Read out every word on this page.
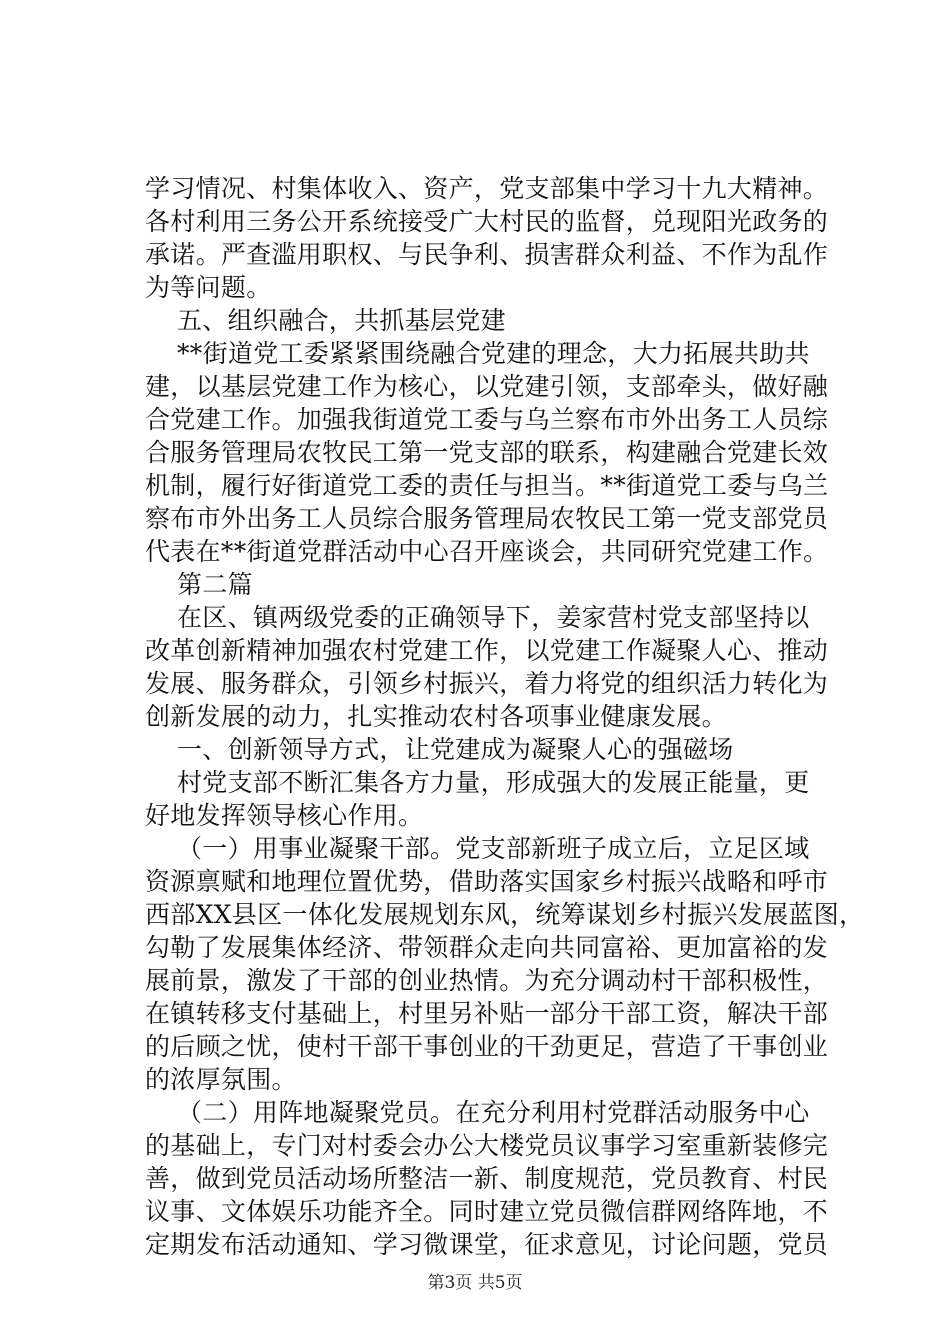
学习情况、村集体收入、资产，党支部集中学习十九大精神。
各村利用三务公开系统接受广大村民的监督，兑现阳光政务的
承诺。严查滥用职权、与民争利、损害群众利益、不作为乱作
为等问题。
五、组织融合，共抓基层党建
**街道党工委紧紧围绕融合党建的理念，大力拓展共助共
建，以基层党建工作为核心，以党建引领，支部牵头，做好融
合党建工作。加强我街道党工委与乌兰察布市外出务工人员综
合服务管理局农牧民工第一党支部的联系，构建融合党建长效
机制，履行好街道党工委的责任与担当。**街道党工委与乌兰
察布市外出务工人员综合服务管理局农牧民工第一党支部党员
代表在**街道党群活动中心召开座谈会，共同研究党建工作。
第二篇
在区、镇两级党委的正确领导下，姜家营村党支部坚持以
改革创新精神加强农村党建工作，以党建工作凝聚人心、推动
发展、服务群众，引领乡村振兴，着力将党的组织活力转化为
创新发展的动力，扎实推动农村各项事业健康发展。
一、创新领导方式，让党建成为凝聚人心的强磁场
村党支部不断汇集各方力量，形成强大的发展正能量，更
好地发挥领导核心作用。
（一）用事业凝聚干部。党支部新班子成立后，立足区域
资源禀赋和地理位置优势，借助落实国家乡村振兴战略和呼市
西部XX县区一体化发展规划东风，统筹谋划乡村振兴发展蓝图，
勾勒了发展集体经济、带领群众走向共同富裕、更加富裕的发
展前景，激发了干部的创业热情。为充分调动村干部积极性，
在镇转移支付基础上，村里另补贴一部分干部工资，解决干部
的后顾之忧，使村干部干事创业的干劲更足，营造了干事创业
的浓厚氛围。
（二）用阵地凝聚党员。在充分利用村党群活动服务中心
的基础上，专门对村委会办公大楼党员议事学习室重新装修完
善，做到党员活动场所整洁一新、制度规范，党员教育、村民
议事、文体娱乐功能齐全。同时建立党员微信群网络阵地，不
定期发布活动通知、学习微课堂，征求意见，讨论问题，党员
第3页 共5页
